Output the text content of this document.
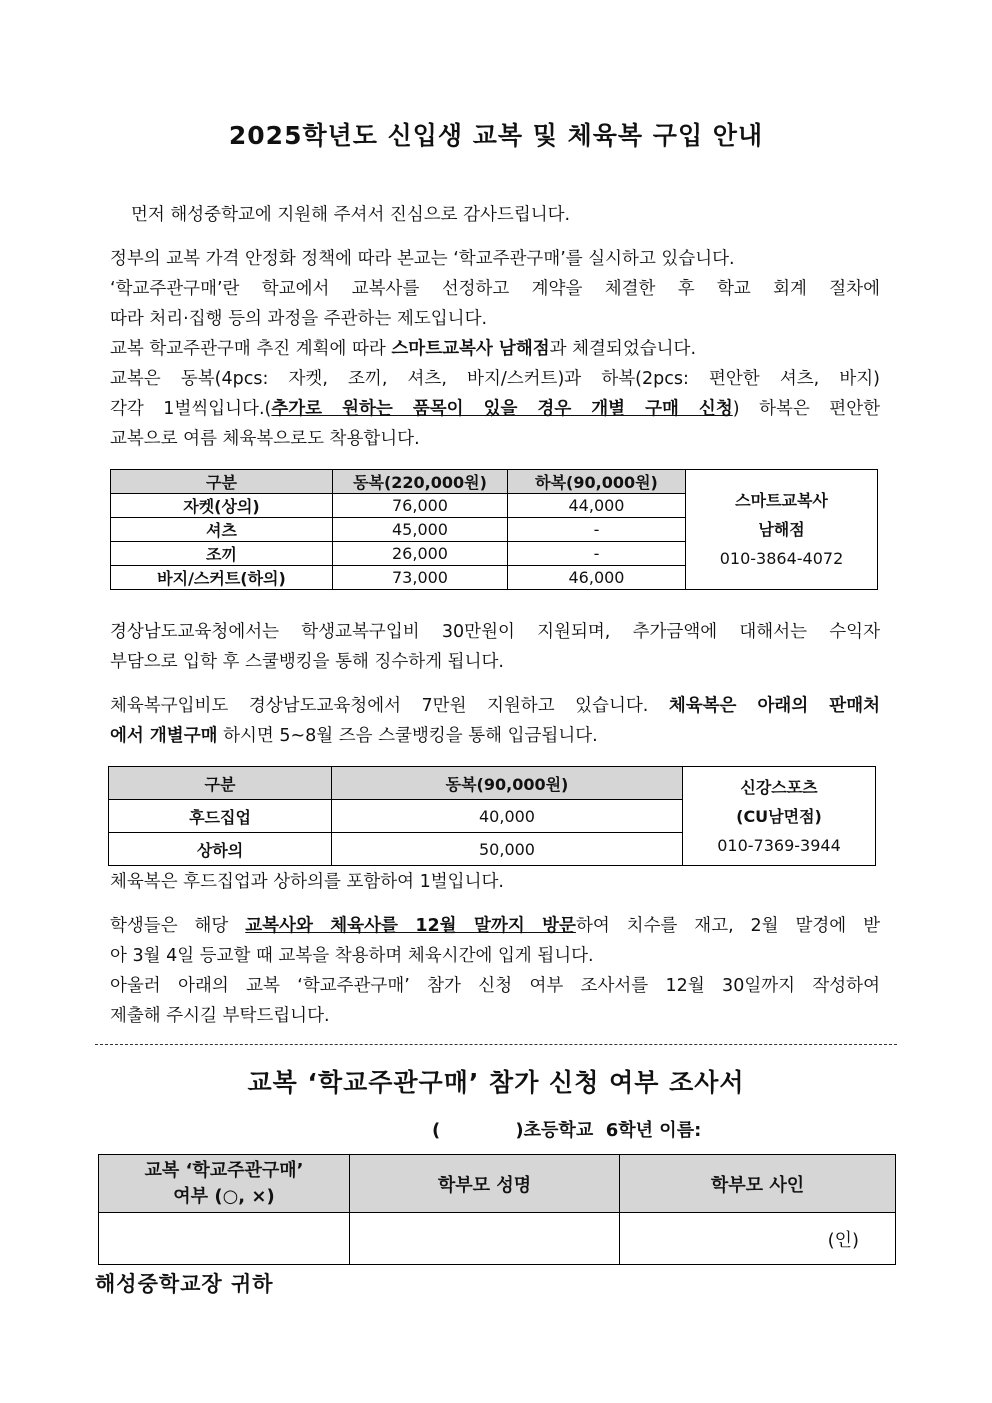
2025학년도 신입생 교복 및 체육복 구입 안내
먼저 해성중학교에 지원해 주셔서 진심으로 감사드립니다.
정부의 교복 가격 안정화 정책에 따라 본교는 ‘학교주관구매’를 실시하고 있습니다.
‘학교주관구매’란 학교에서 교복사를 선정하고 계약을 체결한 후 학교 회계 절차에
따라 처리·집행 등의 과정을 주관하는 제도입니다.
교복 학교주관구매 추진 계획에 따라 스마트교복사 남해점과 체결되었습니다.
교복은 동복(4pcs: 자켓, 조끼, 셔츠, 바지/스커트)과 하복(2pcs: 편안한 셔츠, 바지)
각각 1벌씩입니다.(추가로 원하는 품목이 있을 경우 개별 구매 신청) 하복은 편안한
교복으로 여름 체육복으로도 착용합니다.
구분	동복(220,000원)	하복(90,000원)	스마트교복사
남해점
010-3864-4072

자켓(상의)	76,000	44,000	
셔츠	45,000	-	
조끼	26,000	-	
바지/스커트(하의)	73,000	46,000	
경상남도교육청에서는 학생교복구입비 30만원이 지원되며, 추가금액에 대해서는 수익자
부담으로 입학 후 스쿨뱅킹을 통해 징수하게 됩니다.
체육복구입비도 경상남도교육청에서 7만원 지원하고 있습니다. 체육복은 아래의 판매처
에서 개별구매 하시면 5~8월 즈음 스쿨뱅킹을 통해 입금됩니다.
구분	동복(90,000원)	신강스포츠
(CU남면점)
010-7369-3944

후드집업	40,000	
상하의	50,000	
체육복은 후드집업과 상하의를 포함하여 1벌입니다.
학생들은 해당 교복사와 체육사를 12월 말까지 방문하여 치수를 재고, 2월 말경에 받
아 3월 4일 등교할 때 교복을 착용하며 체육시간에 입게 됩니다.
아울러 아래의 교복 ‘학교주관구매’ 참가 신청 여부 조사서를 12월 30일까지 작성하여
제출해 주시길 부탁드립니다.
교복 ‘학교주관구매’ 참가 신청 여부 조사서
(            )초등학교  6학년 이름:
교복 ‘학교주관구매’
여부 (○, ×)	학부모 성명	학부모 사인
		(인)
해성중학교장 귀하
